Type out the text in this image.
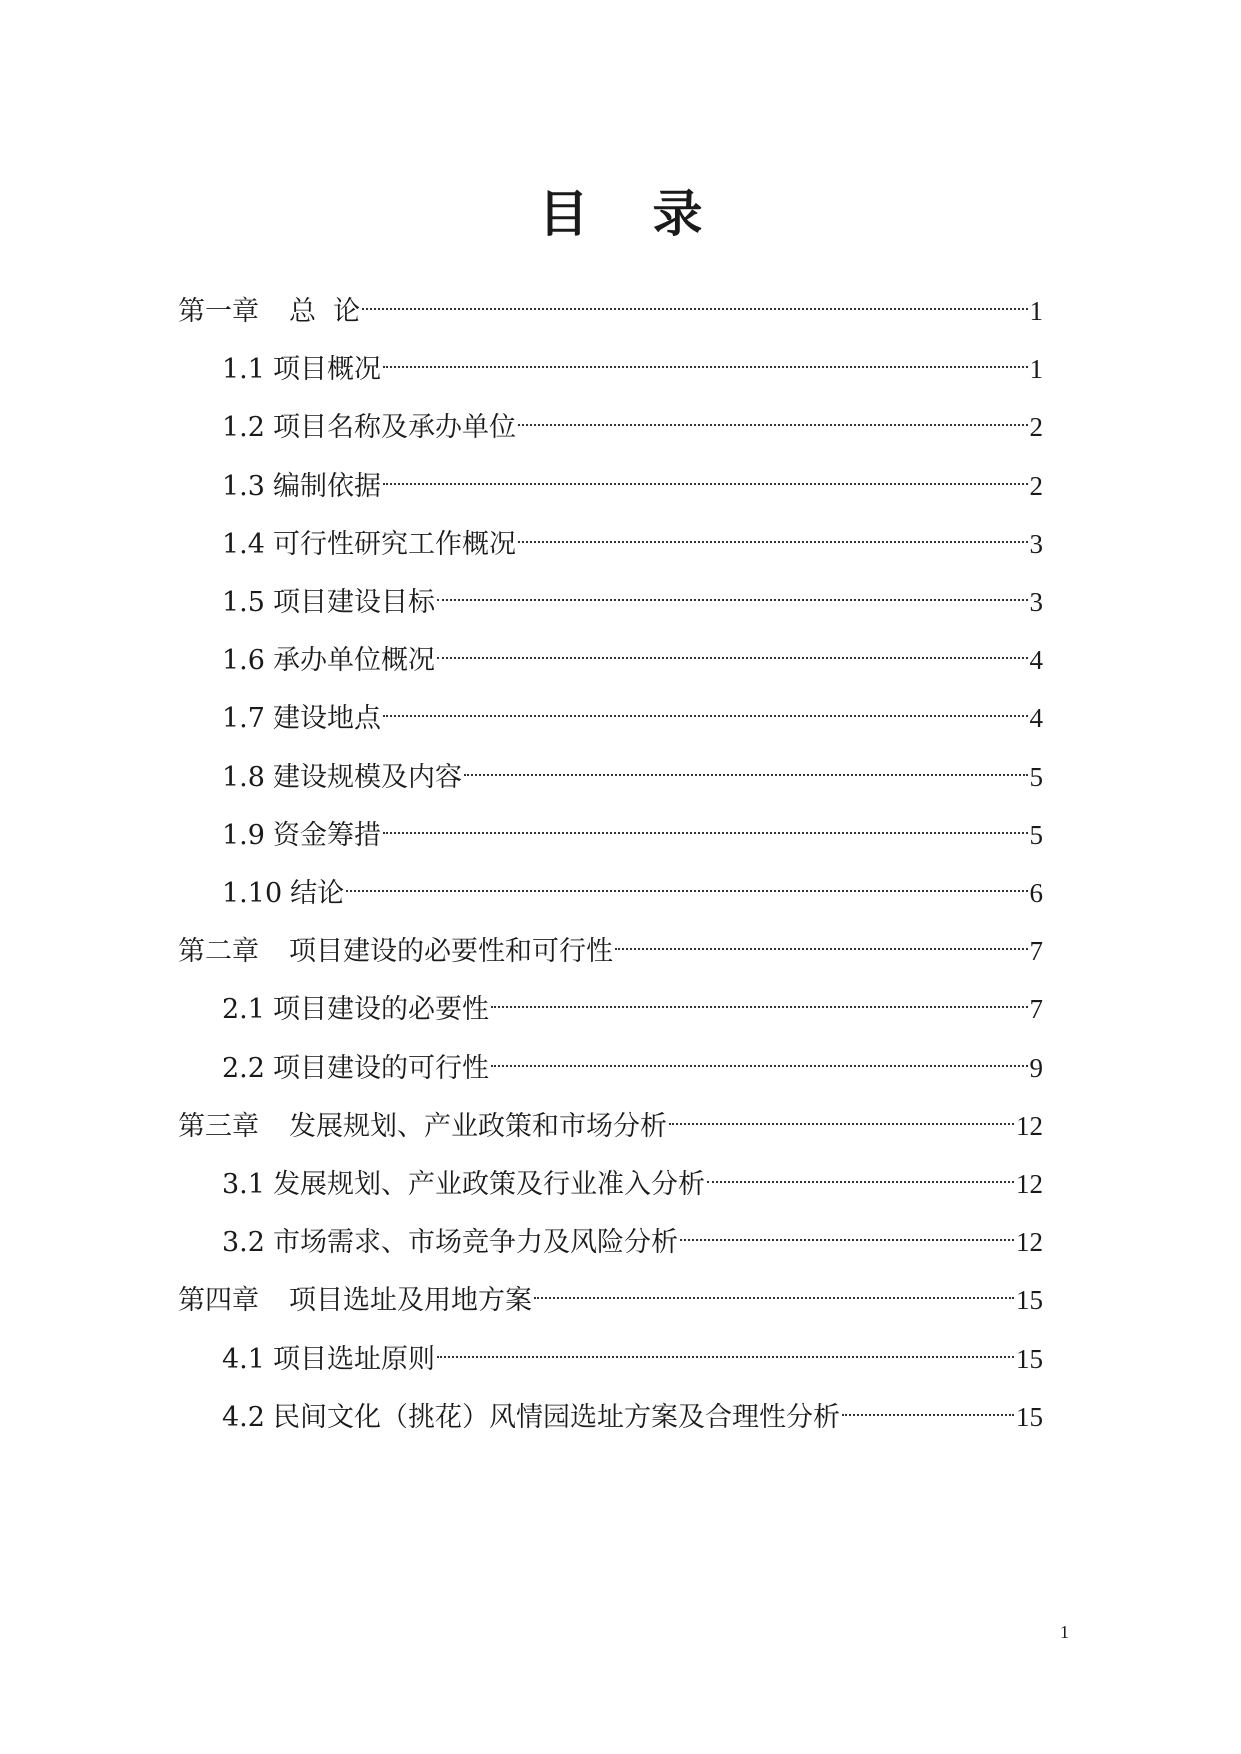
目 录
第一章 总  论	1
1.1 项目概况	1
1.2 项目名称及承办单位	2
1.3 编制依据	2
1.4 可行性研究工作概况	3
1.5 项目建设目标	3
1.6 承办单位概况	4
1.7 建设地点	4
1.8 建设规模及内容	5
1.9 资金筹措	5
1.10 结论	6
第二章 项目建设的必要性和可行性	7
2.1 项目建设的必要性	7
2.2 项目建设的可行性	9
第三章 发展规划、产业政策和市场分析	12
3.1 发展规划、产业政策及行业准入分析	12
3.2 市场需求、市场竞争力及风险分析	12
第四章 项目选址及用地方案	15
4.1 项目选址原则	15
4.2 民间文化（挑花）风情园选址方案及合理性分析	15
1
